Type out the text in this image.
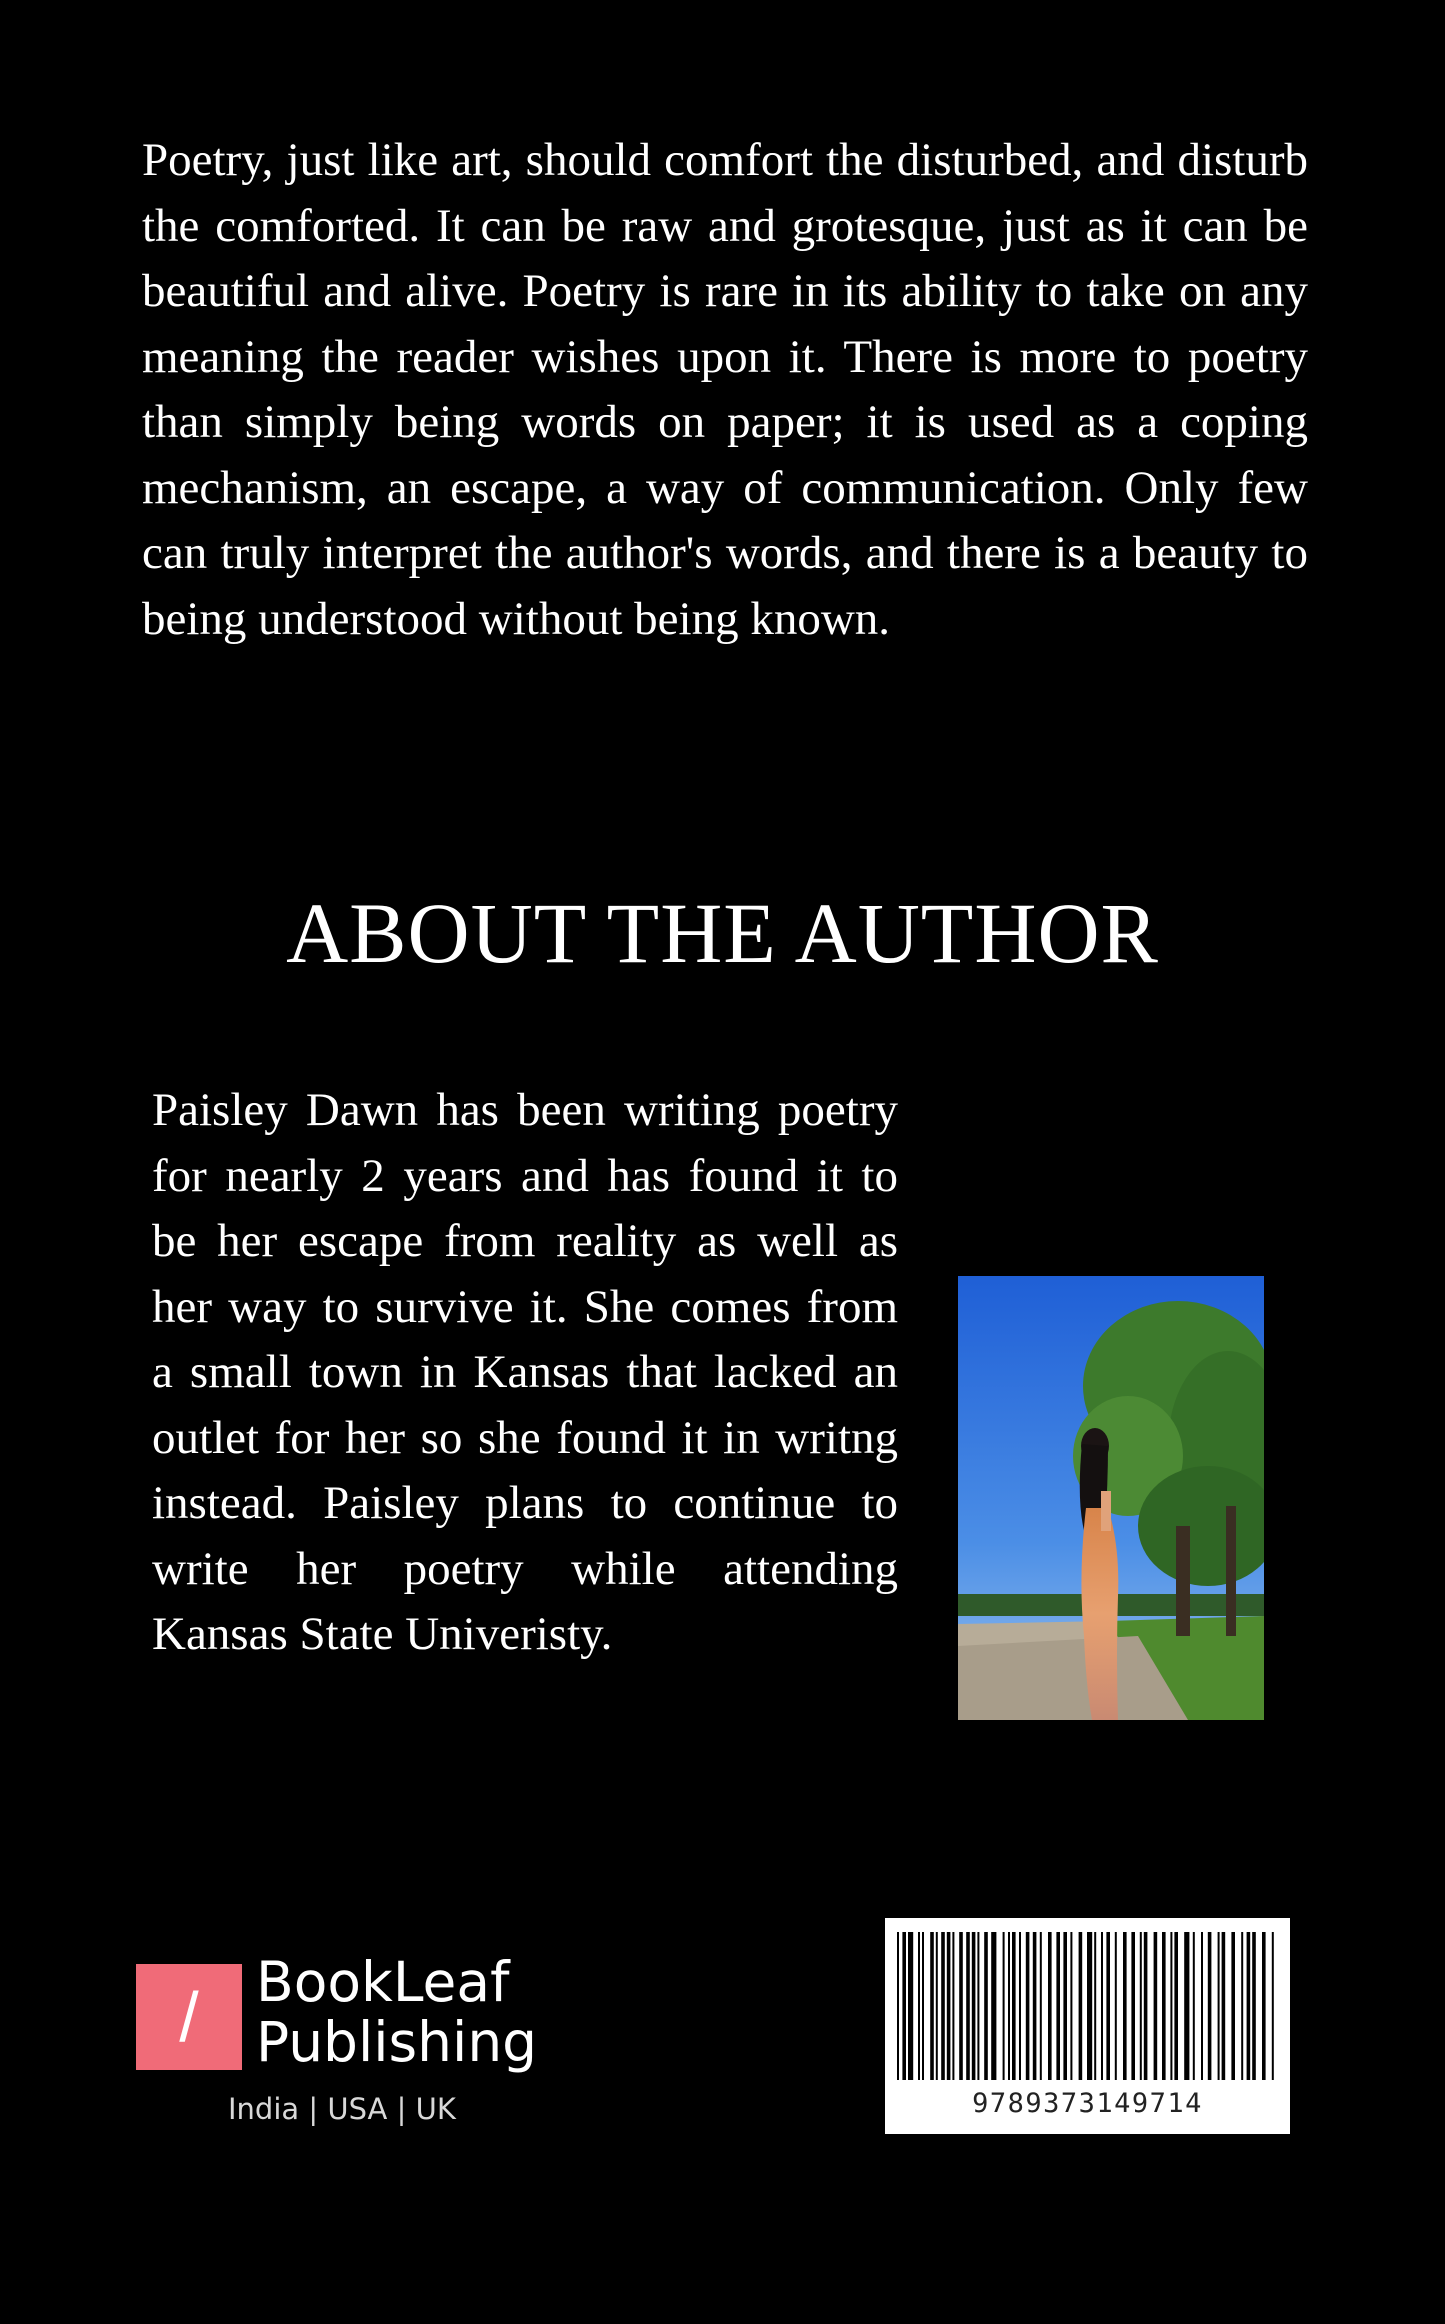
Poetry, just like art, should comfort the disturbed, and disturb the comforted. It can be raw and grotesque, just as it can be beautiful and alive. Poetry is rare in its ability to take on any meaning the reader wishes upon it. There is more to poetry than simply being words on paper; it is used as a coping mechanism, an escape, a way of communication. Only few can truly interpret the author's words, and there is a beauty to being understood without being known.

ABOUT THE AUTHOR

Paisley Dawn has been writing poetry for nearly 2 years and has found it to be her escape from reality as well as her way to survive it. She comes from a small town in Kansas that lacked an outlet for her so she found it in writng instead. Paisley plans to continue to write her poetry while attending Kansas State Univeristy.

/ BookLeaf
Publishing
India | USA | UK	9789373149714
